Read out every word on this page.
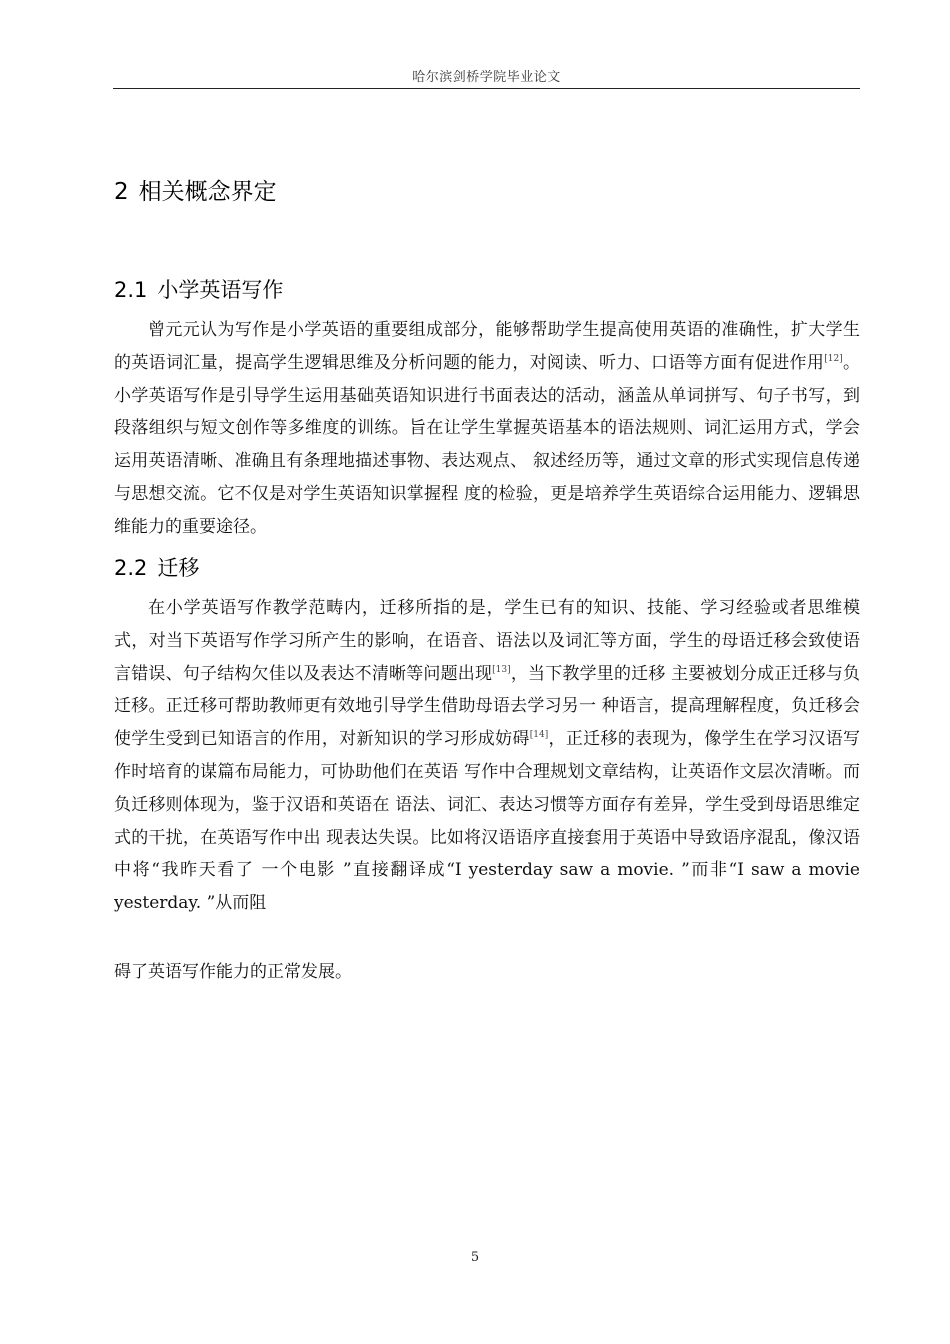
哈尔滨剑桥学院毕业论文
2 相关概念界定
2.1 小学英语写作

曾元元认为写作是小学英语的重要组成部分，能够帮助学生提高使用英语的准确性，扩大学生的英语词汇量，提高学生逻辑思维及分析问题的能力，对阅读、听力、口语等方面有促进作用[12]。小学英语写作是引导学生运用基础英语知识进行书面表达的活动，涵盖从单词拼写、句子书写，到段落组织与短文创作等多维度的训练。旨在让学生掌握英语基本的语法规则、词汇运用方式，学会运用英语清晰、准确且有条理地描述事物、表达观点、 叙述经历等，通过文章的形式实现信息传递与思想交流。它不仅是对学生英语知识掌握程 度的检验，更是培养学生英语综合运用能力、逻辑思维能力的重要途径。

2.2 迁移

在小学英语写作教学范畴内，迁移所指的是，学生已有的知识、技能、学习经验或者思维模式，对当下英语写作学习所产生的影响，在语音、语法以及词汇等方面，学生的母语迁移会致使语言错误、句子结构欠佳以及表达不清晰等问题出现[13]，当下教学里的迁移 主要被划分成正迁移与负迁移。正迁移可帮助教师更有效地引导学生借助母语去学习另一 种语言，提高理解程度，负迁移会使学生受到已知语言的作用，对新知识的学习形成妨碍[14]，正迁移的表现为，像学生在学习汉语写作时培育的谋篇布局能力，可协助他们在英语 写作中合理规划文章结构，让英语作文层次清晰。而负迁移则体现为，鉴于汉语和英语在 语法、词汇、表达习惯等方面存有差异，学生受到母语思维定式的干扰，在英语写作中出 现表达失误。比如将汉语语序直接套用于英语中导致语序混乱，像汉语中将“我昨天看了 一个电影 ”直接翻译成“I yesterday saw a movie. ”而非“I saw a movie yesterday. ”从而阻

碍了英语写作能力的正常发展。

5
